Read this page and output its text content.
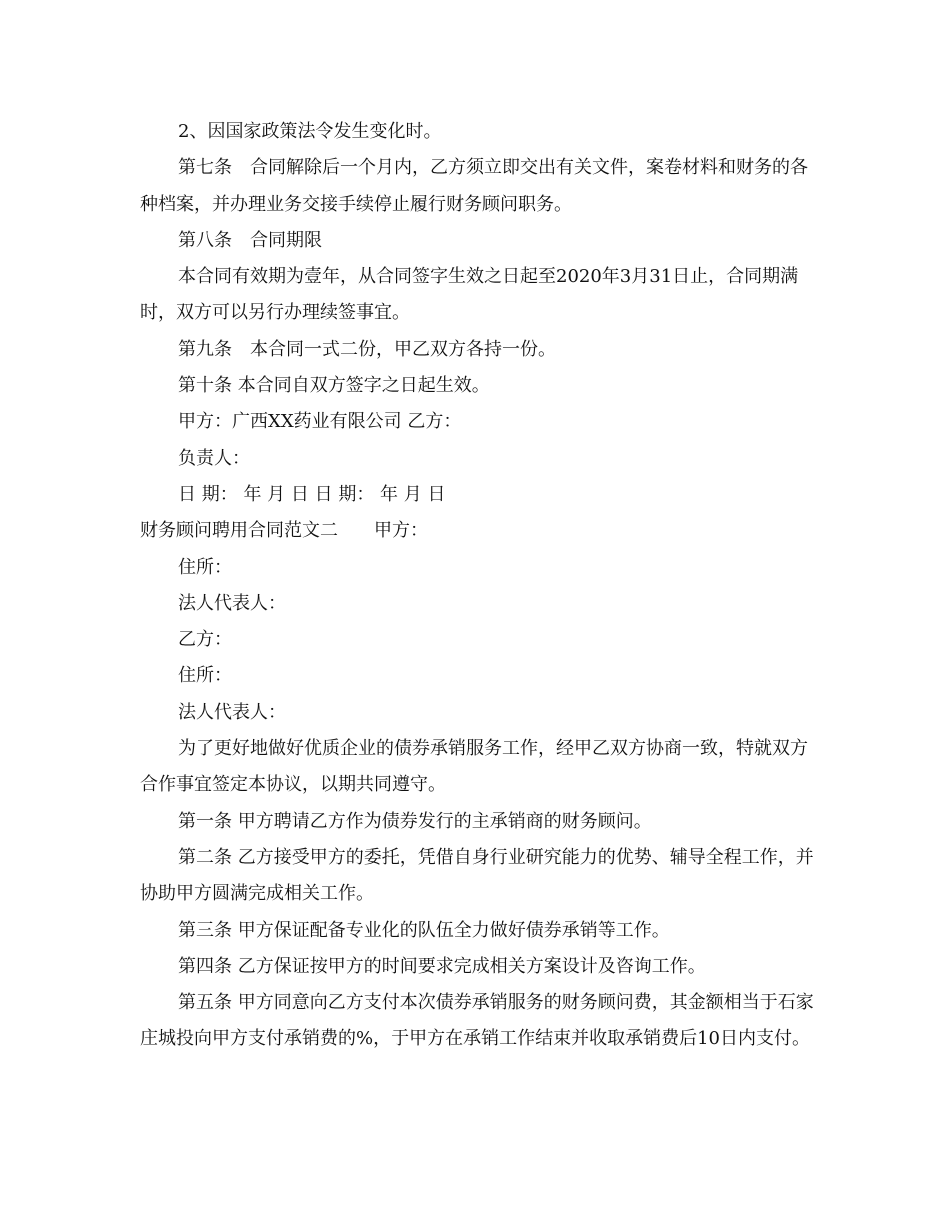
2、因国家政策法令发生变化时。

第七条　合同解除后一个月内，乙方须立即交出有关文件，案卷材料和财务的各种档案，并办理业务交接手续停止履行财务顾问职务。

第八条　合同期限

本合同有效期为壹年，从合同签字生效之日起至2020年3月31日止，合同期满时，双方可以另行办理续签事宜。

第九条　本合同一式二份，甲乙双方各持一份。

第十条 本合同自双方签字之日起生效。

甲方：广西XX药业有限公司 乙方：

负责人：

日 期： 年 月 日 日 期： 年 月 日

财务顾问聘用合同范文二　　甲方：

住所：

法人代表人：

乙方：

住所：

法人代表人：

为了更好地做好优质企业的债券承销服务工作，经甲乙双方协商一致，特就双方合作事宜签定本协议，以期共同遵守。

第一条 甲方聘请乙方作为债券发行的主承销商的财务顾问。

第二条 乙方接受甲方的委托，凭借自身行业研究能力的优势、辅导全程工作，并协助甲方圆满完成相关工作。

第三条 甲方保证配备专业化的队伍全力做好债券承销等工作。

第四条 乙方保证按甲方的时间要求完成相关方案设计及咨询工作。

第五条 甲方同意向乙方支付本次债券承销服务的财务顾问费，其金额相当于石家庄城投向甲方支付承销费的%，于甲方在承销工作结束并收取承销费后10日内支付。
